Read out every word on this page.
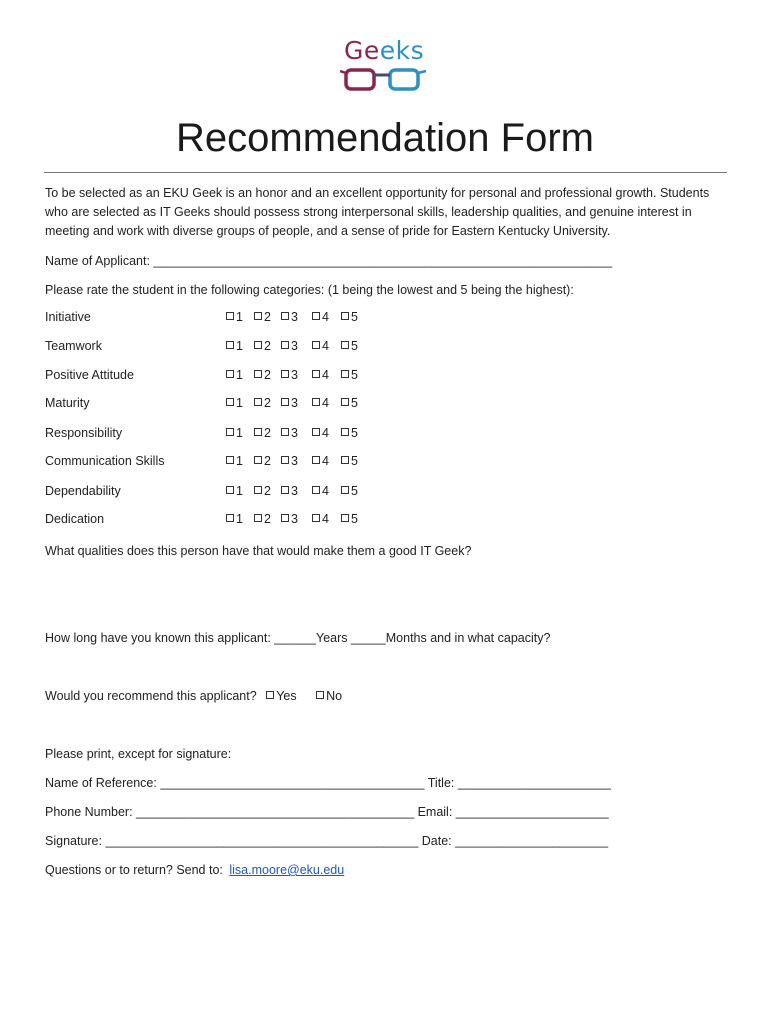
Geeks
Recommendation Form
To be selected as an EKU Geek is an honor and an excellent opportunity for personal and professional growth. Students who are selected as IT Geeks should possess strong interpersonal skills, leadership qualities, and genuine interest in meeting and work with diverse groups of people, and a sense of pride for Eastern Kentucky University.
Name of Applicant: __________________________________________________________________
Please rate the student in the following categories: (1 being the lowest and 5 being the highest):
Initiative	1	2	3	4	5
Teamwork	1	2	3	4	5
Positive Attitude	1	2	3	4	5
Maturity	1	2	3	4	5
Responsibility	1	2	3	4	5
Communication Skills	1	2	3	4	5
Dependability	1	2	3	4	5
Dedication	1	2	3	4	5
What qualities does this person have that would make them a good IT Geek?
How long have you known this applicant: ______Years _____Months and in what capacity?
Would you recommend this applicant? Yes No
Please print, except for signature:
Name of Reference: ______________________________________ Title: ______________________
Phone Number: ________________________________________ Email: ______________________
Signature: _____________________________________________ Date: ______________________
Questions or to return? Send to: lisa.moore@eku.edu
